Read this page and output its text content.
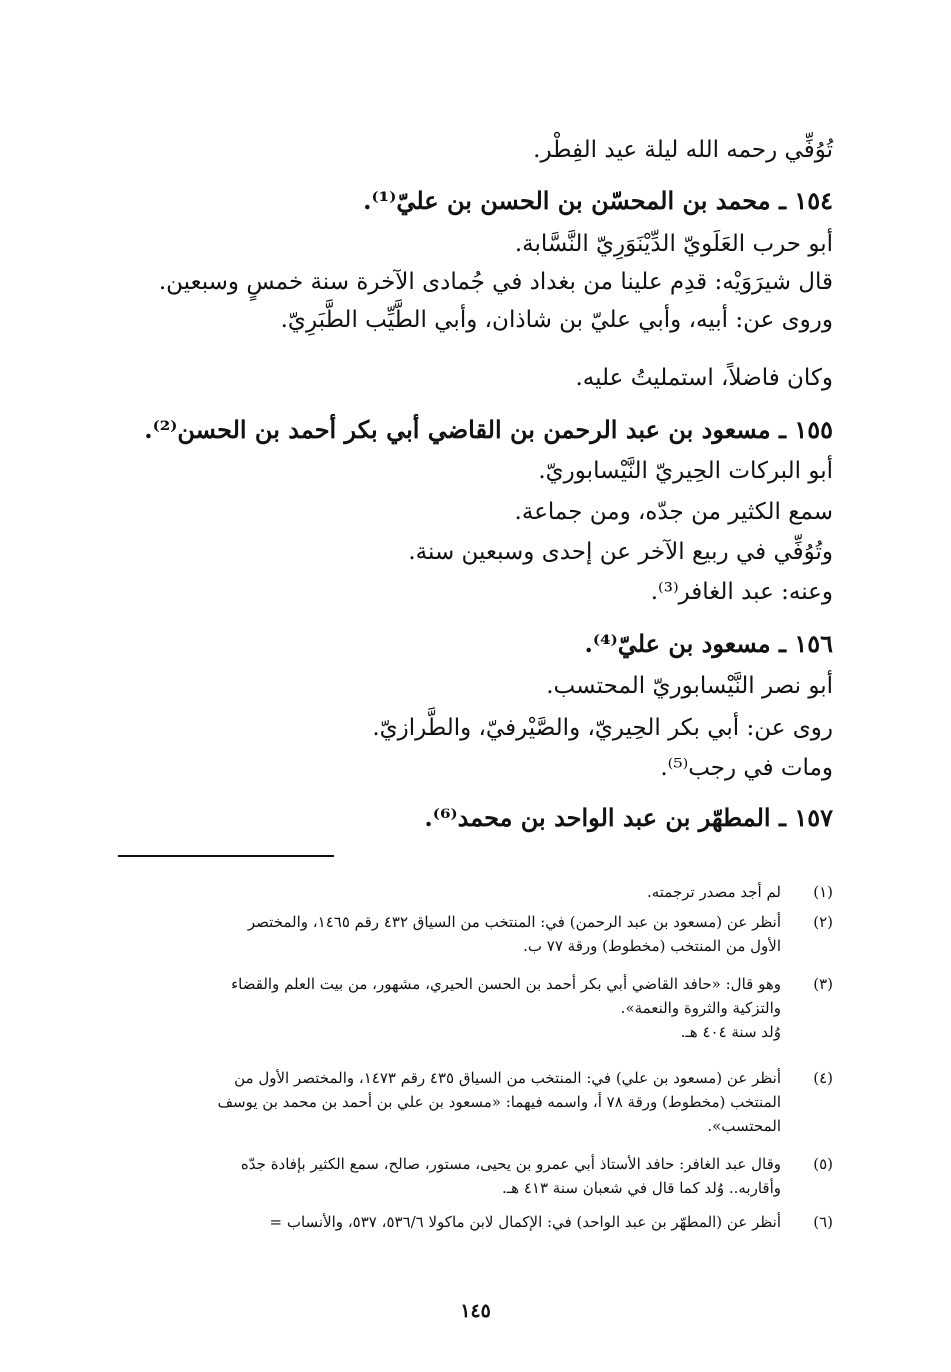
تُوُفِّي رحمه الله ليلة عيد الفِطْر.
١٥٤ ـ محمد بن المحسّن بن الحسن بن عليّ⁽¹⁾.
أبو حرب العَلَويّ الدِّيْنَوَرِيّ النَّسَّابة.
قال شيرَوَيْه: قدِم علينا من بغداد في جُمادى الآخرة سنة خمسٍ وسبعين.
وروى عن: أبيه، وأبي عليّ بن شاذان، وأبي الطَّيِّب الطَّبَرِيّ.
وكان فاضلاً، استمليتُ عليه.
١٥٥ ـ مسعود بن عبد الرحمن بن القاضي أبي بكر أحمد بن الحسن⁽²⁾.
أبو البركات الحِيريّ النَّيْسابوريّ.
سمع الكثير من جدّه، ومن جماعة.
وتُوُفِّي في ربيع الآخر عن إحدى وسبعين سنة.
وعنه: عبد الغافر⁽³⁾.
١٥٦ ـ مسعود بن عليّ⁽⁴⁾.
أبو نصر النَّيْسابوريّ المحتسب.
روى عن: أبي بكر الحِيريّ، والصَّيْرفيّ، والطَّرازيّ.
ومات في رجب⁽⁵⁾.
١٥٧ ـ المطهّر بن عبد الواحد بن محمد⁽⁶⁾.
(١)
لم أجد مصدر ترجمته.
(٢)
أنظر عن (مسعود بن عبد الرحمن) في: المنتخب من السياق ٤٣٢ رقم ١٤٦٥، والمختصر
الأول من المنتخب (مخطوط) ورقة ٧٧ ب.
(٣)
وهو قال: «حافد القاضي أبي بكر أحمد بن الحسن الحيري، مشهور، من بيت العلم والقضاء
والتزكية والثروة والنعمة».
وُلد سنة ٤٠٤ هـ.
(٤)
أنظر عن (مسعود بن علي) في: المنتخب من السياق ٤٣٥ رقم ١٤٧٣، والمختصر الأول من
المنتخب (مخطوط) ورقة ٧٨ أ، واسمه فيهما: «مسعود بن علي بن أحمد بن محمد بن يوسف
المحتسب».
(٥)
وقال عبد الغافر: حافد الأستاذ أبي عمرو بن يحيى، مستور، صالح، سمع الكثير بإفادة جدّه
وأقاربه.. وُلد كما قال في شعبان سنة ٤١٣ هـ.
(٦)
أنظر عن (المطهّر بن عبد الواحد) في: الإكمال لابن ماكولا ٥٣٦/٦، ٥٣٧، والأنساب =
١٤٥
